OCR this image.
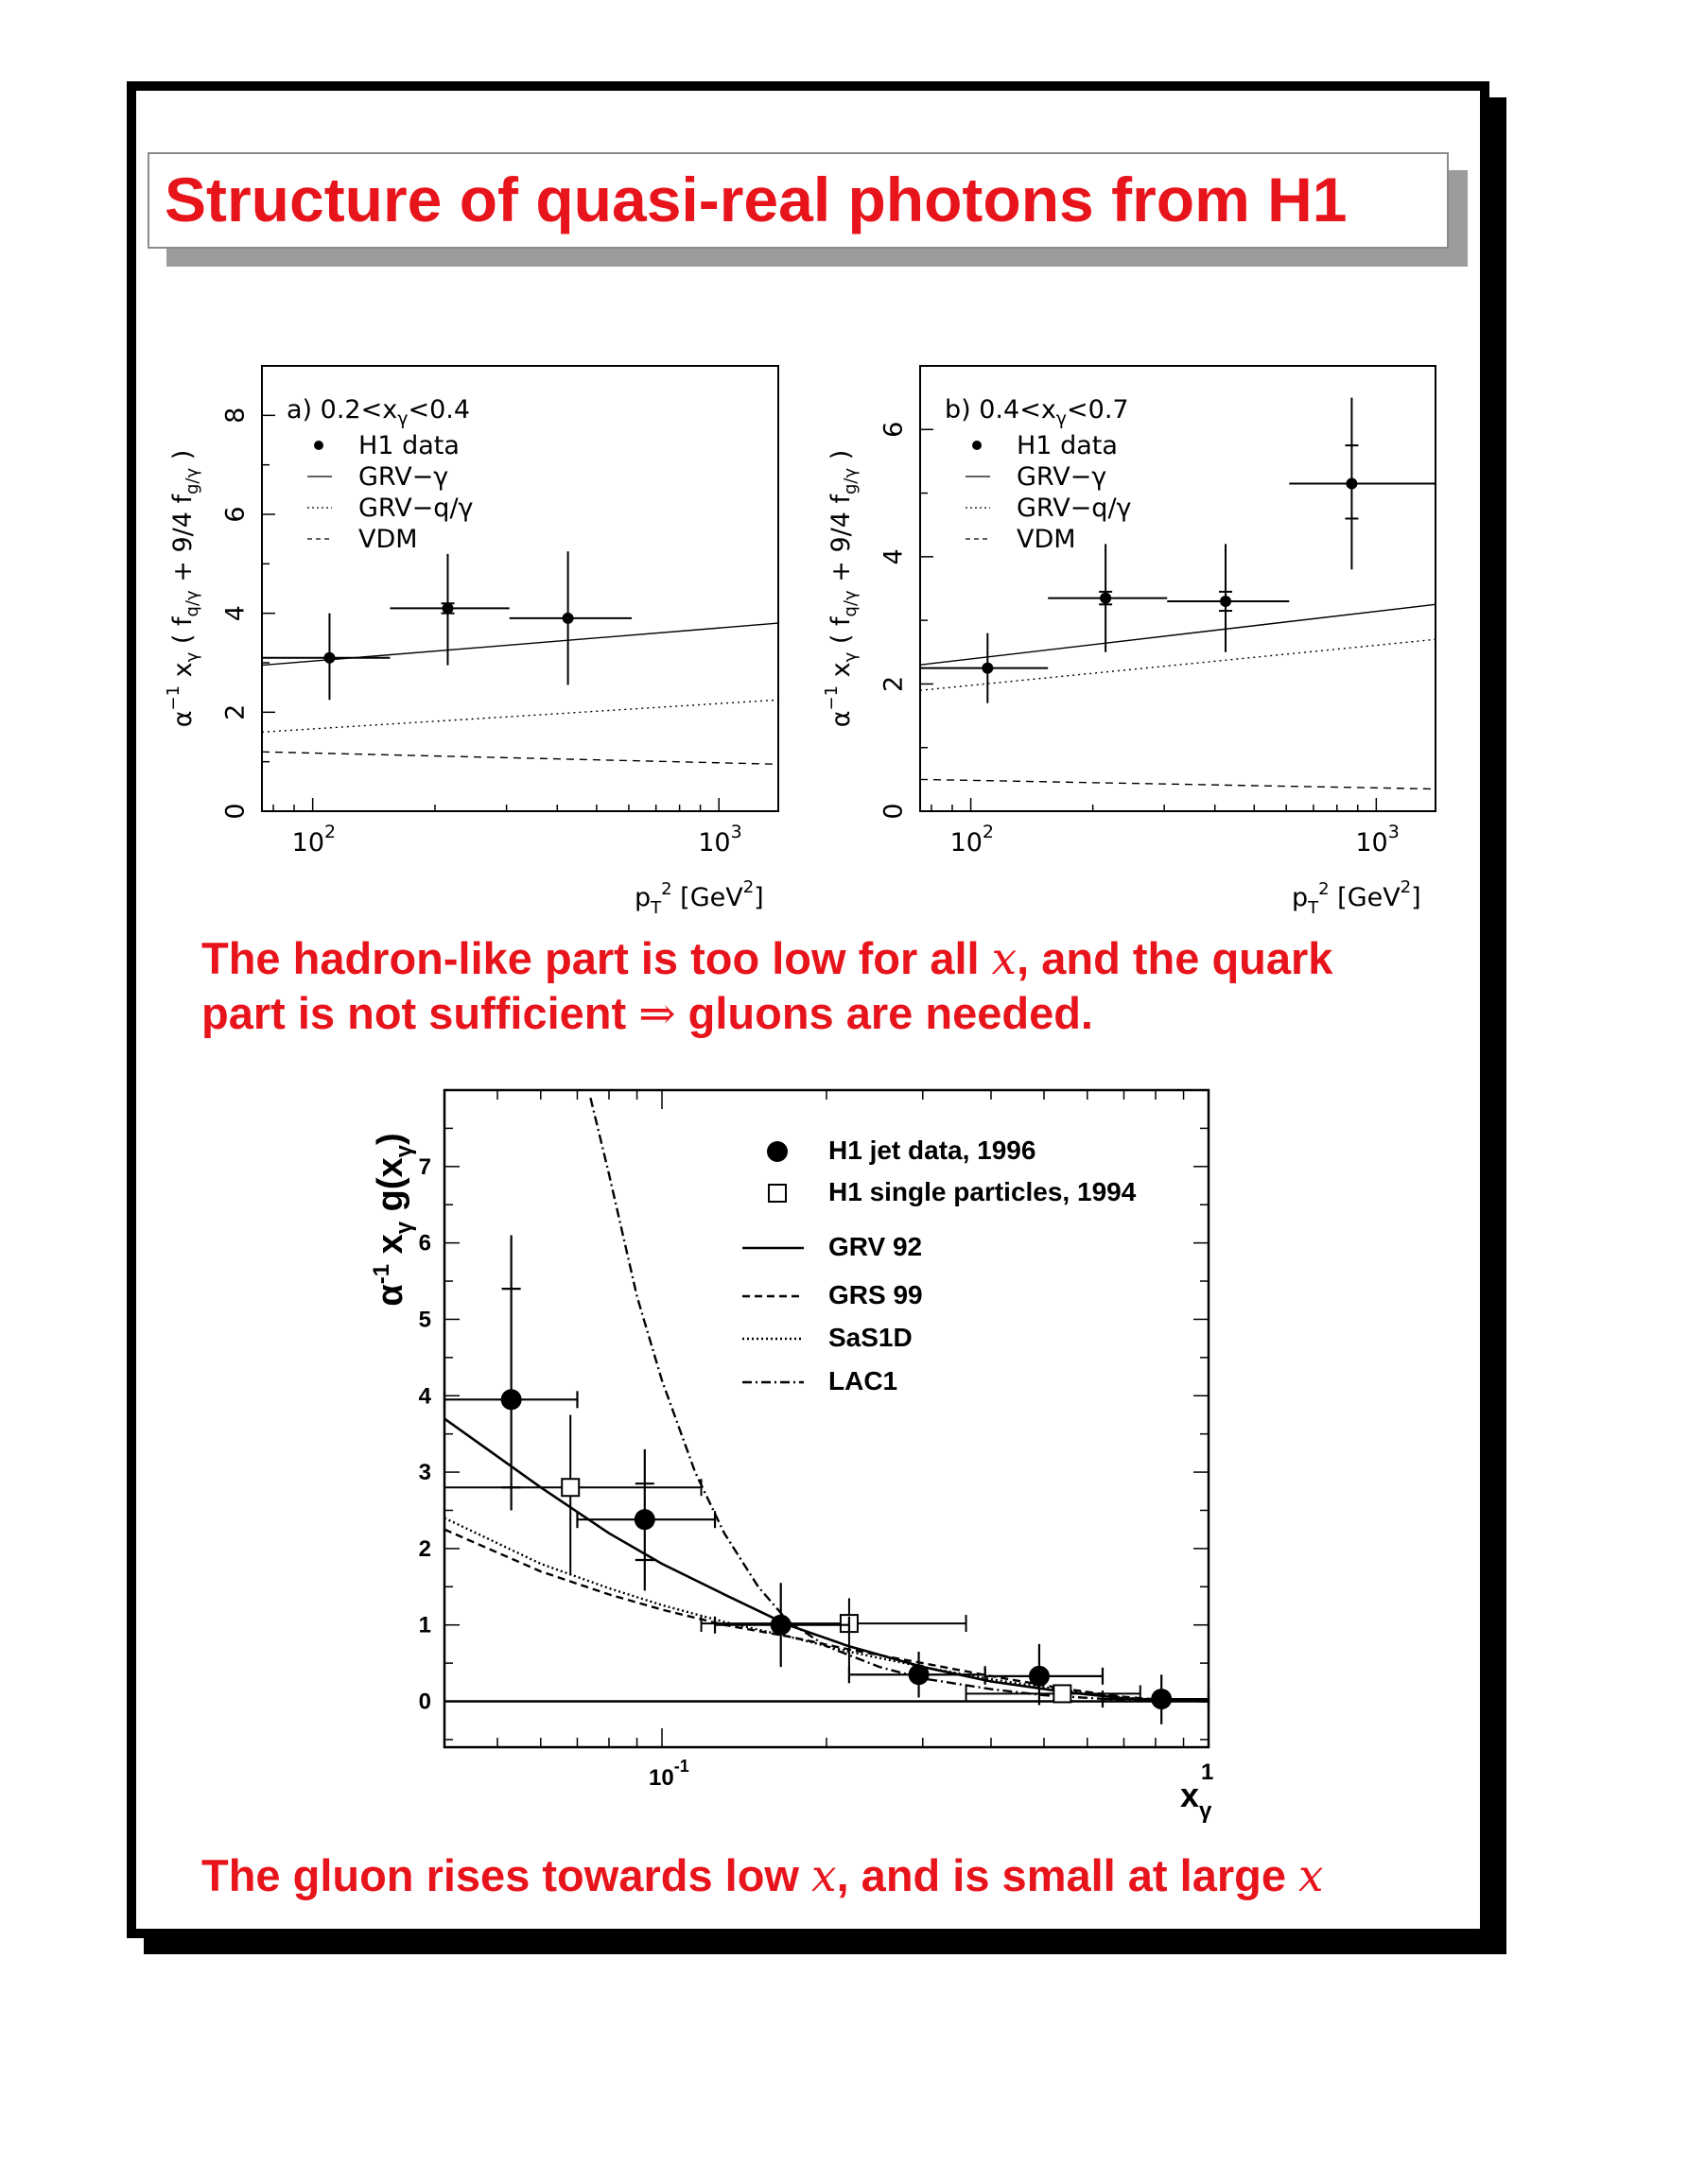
Structure of quasi-real photons from H1
The hadron-like part is too low for all x, and the quark
part is not sufficient ⇒ gluons are needed.
The gluon rises towards low x, and is small at large x
0
2
4
6
8
$10^2$	$10^3$
$p_T^2$ [GeV$^2$]
$\alpha^{-1}$ $x_\gamma$ ( $f_{q/\gamma} + 9/4$ $f_{g/\gamma}$ )
a) $0.2<x_\gamma<0.4$
H1 data
GRV−γ
GRV−q/γ
VDM
0
2
4
6
$10^2$	$10^3$
$p_T^2$ [GeV$^2$]
$\alpha^{-1}$ $x_\gamma$ ( $f_{q/\gamma} + 9/4$ $f_{g/\gamma}$ )
b) $0.4<x_\gamma<0.7$
H1 data
GRV−γ
GRV−q/γ
VDM
0
1
2
3
4
5
6
7
$10^{-1}$	1
$x_\gamma$
$\alpha^{-1}$ $x_\gamma$ $g(x_\gamma)$	H1 jet data, 1996
H1 single particles, 1994
GRV 92
GRS 99
SaS1D
LAC1
